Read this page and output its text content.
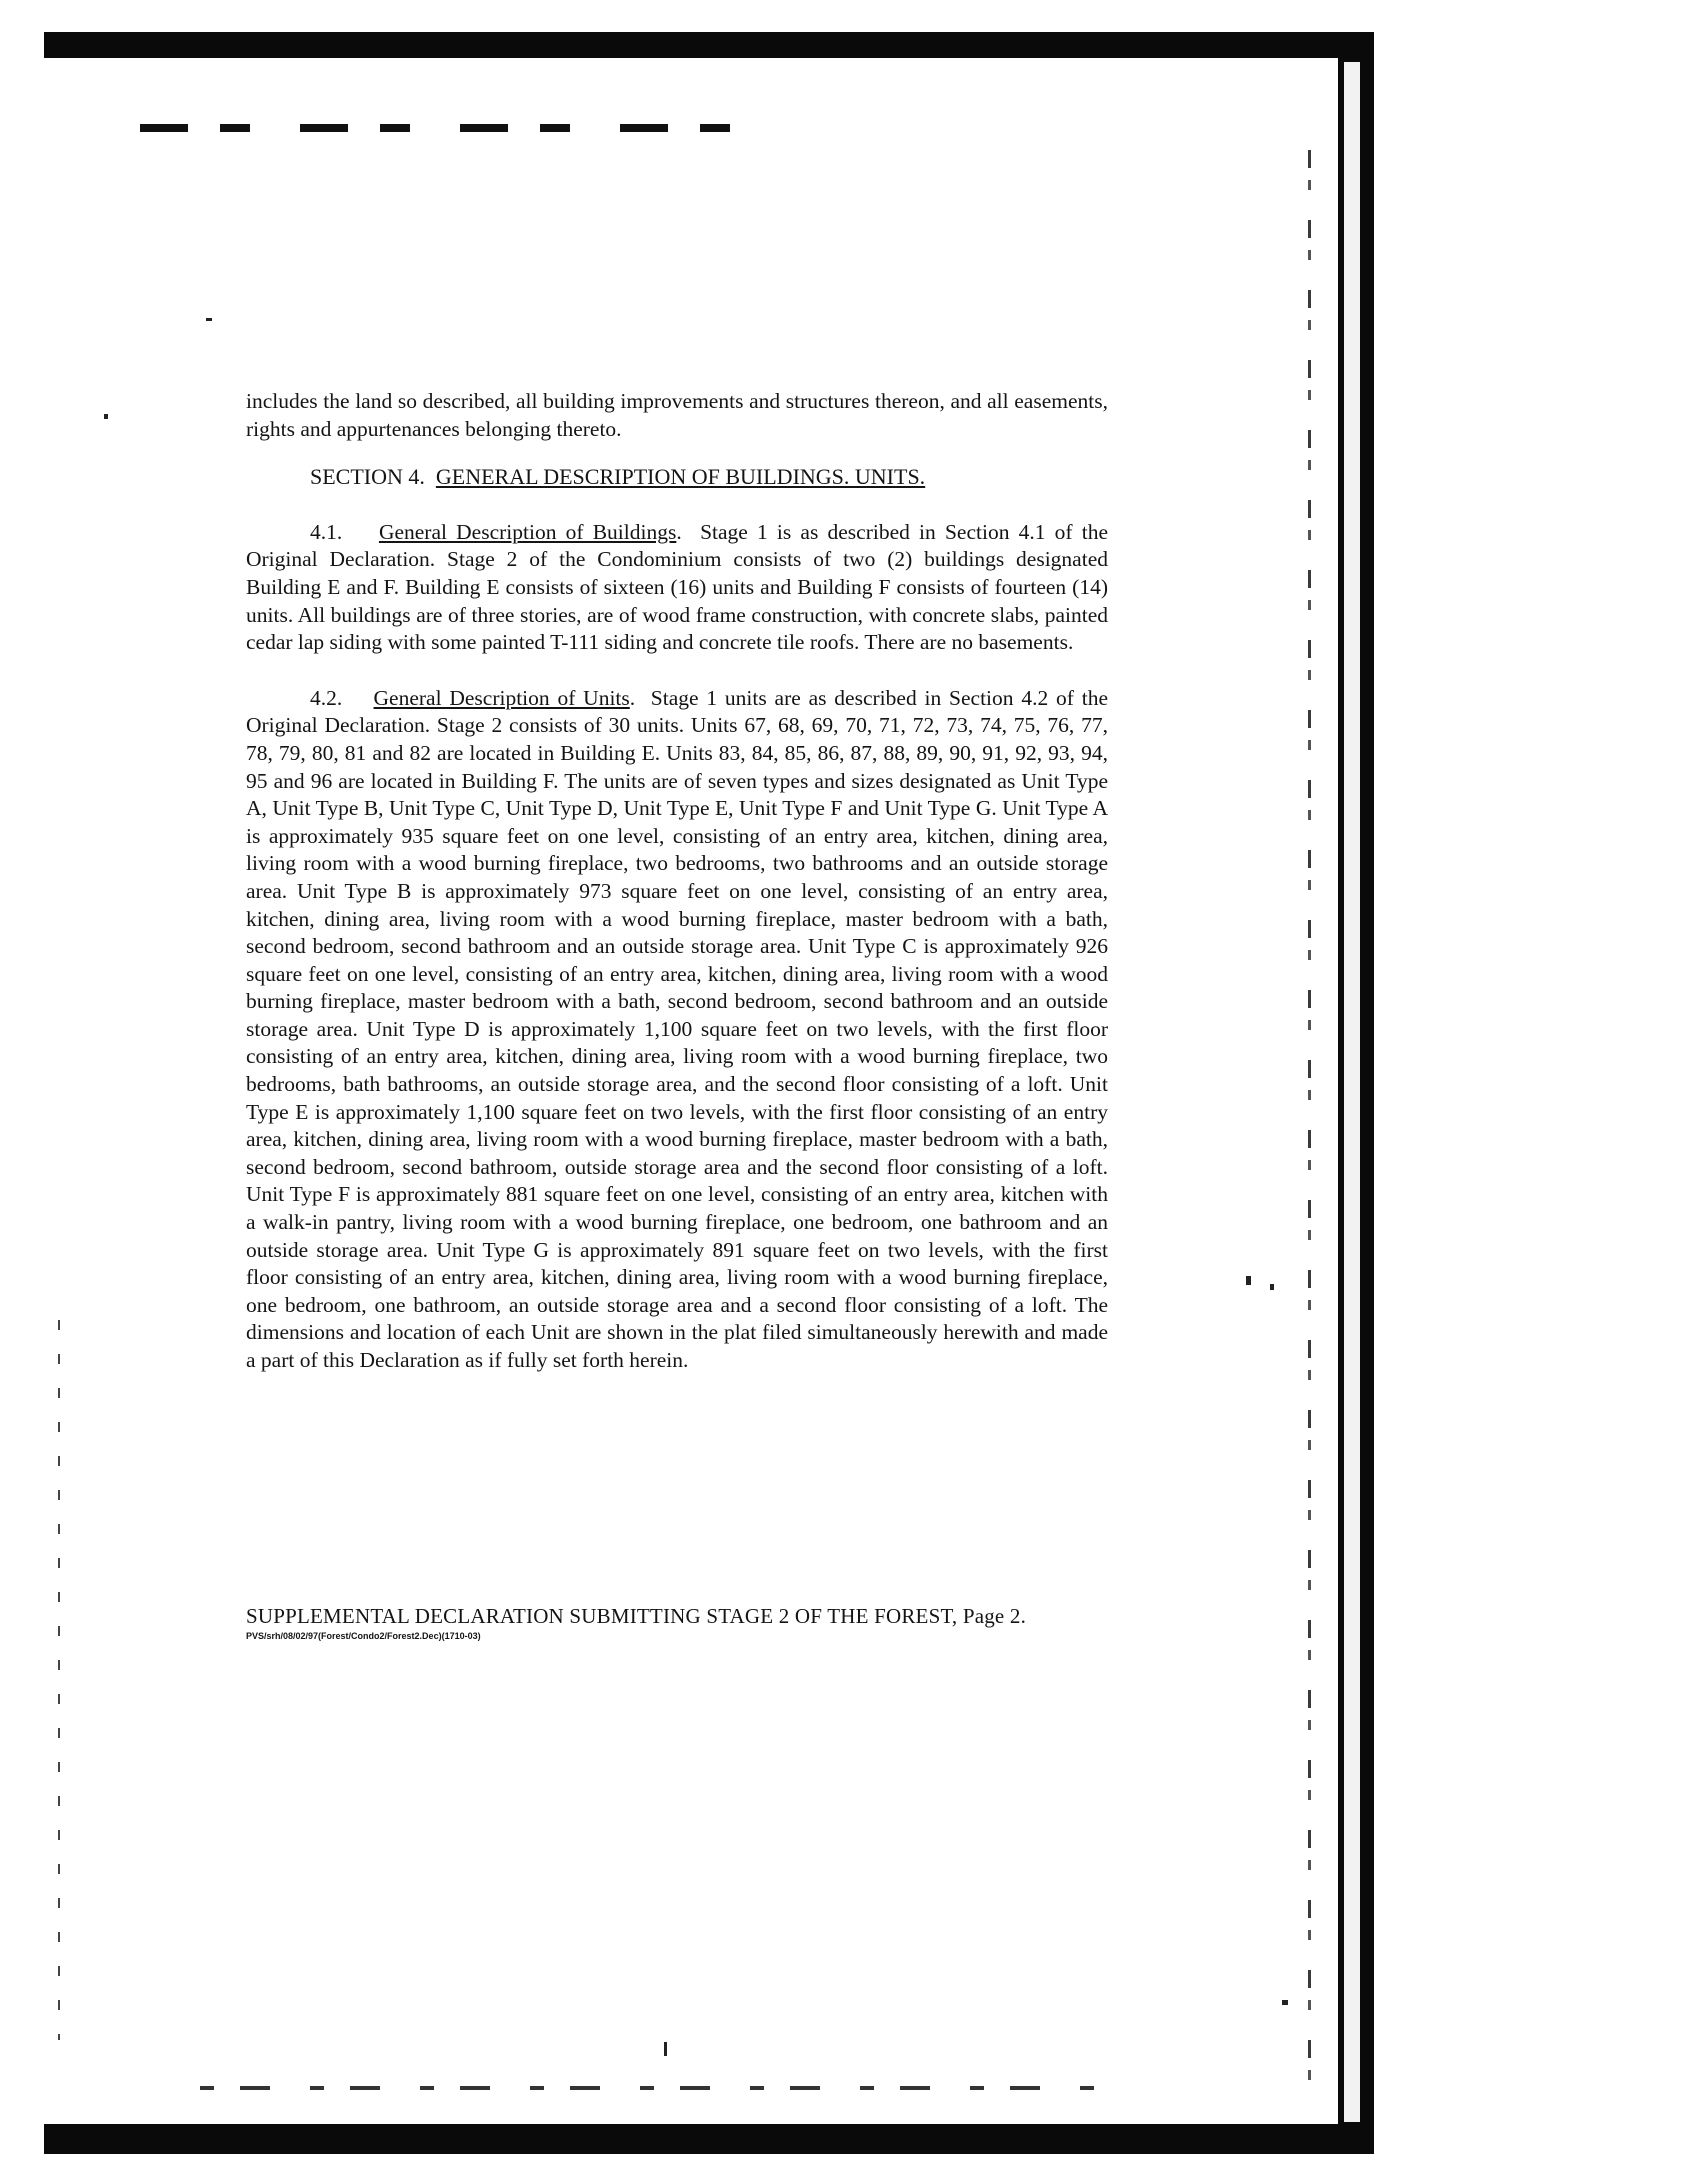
includes the land so described, all building improvements and structures thereon, and all easements, rights and appurtenances belonging thereto.

SECTION 4. GENERAL DESCRIPTION OF BUILDINGS. UNITS.

4.1. General Description of Buildings. Stage 1 is as described in Section 4.1 of the Original Declaration. Stage 2 of the Condominium consists of two (2) buildings designated Building E and F. Building E consists of sixteen (16) units and Building F consists of fourteen (14) units. All buildings are of three stories, are of wood frame construction, with concrete slabs, painted cedar lap siding with some painted T-111 siding and concrete tile roofs. There are no basements.

4.2. General Description of Units. Stage 1 units are as described in Section 4.2 of the Original Declaration. Stage 2 consists of 30 units. Units 67, 68, 69, 70, 71, 72, 73, 74, 75, 76, 77, 78, 79, 80, 81 and 82 are located in Building E. Units 83, 84, 85, 86, 87, 88, 89, 90, 91, 92, 93, 94, 95 and 96 are located in Building F. The units are of seven types and sizes designated as Unit Type A, Unit Type B, Unit Type C, Unit Type D, Unit Type E, Unit Type F and Unit Type G. Unit Type A is approximately 935 square feet on one level, consisting of an entry area, kitchen, dining area, living room with a wood burning fireplace, two bedrooms, two bathrooms and an outside storage area. Unit Type B is approximately 973 square feet on one level, consisting of an entry area, kitchen, dining area, living room with a wood burning fireplace, master bedroom with a bath, second bedroom, second bathroom and an outside storage area. Unit Type C is approximately 926 square feet on one level, consisting of an entry area, kitchen, dining area, living room with a wood burning fireplace, master bedroom with a bath, second bedroom, second bathroom and an outside storage area. Unit Type D is approximately 1,100 square feet on two levels, with the first floor consisting of an entry area, kitchen, dining area, living room with a wood burning fireplace, two bedrooms, bath bathrooms, an outside storage area, and the second floor consisting of a loft. Unit Type E is approximately 1,100 square feet on two levels, with the first floor consisting of an entry area, kitchen, dining area, living room with a wood burning fireplace, master bedroom with a bath, second bedroom, second bathroom, outside storage area and the second floor consisting of a loft. Unit Type F is approximately 881 square feet on one level, consisting of an entry area, kitchen with a walk-in pantry, living room with a wood burning fireplace, one bedroom, one bathroom and an outside storage area. Unit Type G is approximately 891 square feet on two levels, with the first floor consisting of an entry area, kitchen, dining area, living room with a wood burning fireplace, one bedroom, one bathroom, an outside storage area and a second floor consisting of a loft. The dimensions and location of each Unit are shown in the plat filed simultaneously herewith and made a part of this Declaration as if fully set forth herein.

SUPPLEMENTAL DECLARATION SUBMITTING STAGE 2 OF THE FOREST, Page 2.
PVS/srh/08/02/97(Forest/Condo2/Forest2.Dec)(1710-03)
